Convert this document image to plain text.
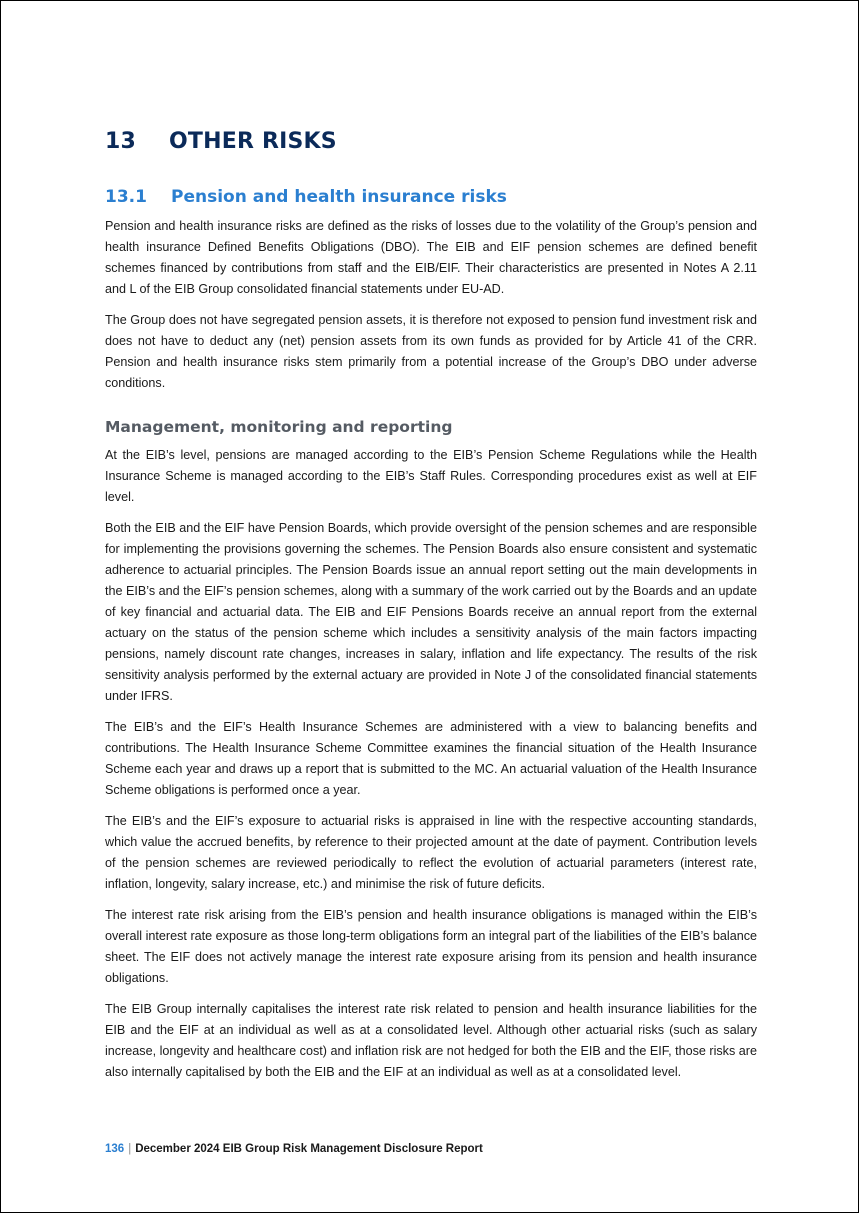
13	OTHER RISKS
13.1	Pension and health insurance risks

Pension and health insurance risks are defined as the risks of losses due to the volatility of the Group’s pension and health insurance Defined Benefits Obligations (DBO). The EIB and EIF pension schemes are defined benefit schemes financed by contributions from staff and the EIB/EIF. Their characteristics are presented in Notes A 2.11 and L of the EIB Group consolidated financial statements under EU-AD.

The Group does not have segregated pension assets, it is therefore not exposed to pension fund investment risk and does not have to deduct any (net) pension assets from its own funds as provided for by Article 41 of the CRR. Pension and health insurance risks stem primarily from a potential increase of the Group’s DBO under adverse conditions.

Management, monitoring and reporting

At the EIB’s level, pensions are managed according to the EIB’s Pension Scheme Regulations while the Health Insurance Scheme is managed according to the EIB’s Staff Rules. Corresponding procedures exist as well at EIF level.

Both the EIB and the EIF have Pension Boards, which provide oversight of the pension schemes and are responsible for implementing the provisions governing the schemes. The Pension Boards also ensure consistent and systematic adherence to actuarial principles. The Pension Boards issue an annual report setting out the main developments in the EIB’s and the EIF’s pension schemes, along with a summary of the work carried out by the Boards and an update of key financial and actuarial data. The EIB and EIF Pensions Boards receive an annual report from the external actuary on the status of the pension scheme which includes a sensitivity analysis of the main factors impacting pensions, namely discount rate changes, increases in salary, inflation and life expectancy. The results of the risk sensitivity analysis performed by the external actuary are provided in Note J of the consolidated financial statements under IFRS.

The EIB’s and the EIF’s Health Insurance Schemes are administered with a view to balancing benefits and contributions. The Health Insurance Scheme Committee examines the financial situation of the Health Insurance Scheme each year and draws up a report that is submitted to the MC. An actuarial valuation of the Health Insurance Scheme obligations is performed once a year.

The EIB’s and the EIF’s exposure to actuarial risks is appraised in line with the respective accounting standards, which value the accrued benefits, by reference to their projected amount at the date of payment. Contribution levels of the pension schemes are reviewed periodically to reflect the evolution of actuarial parameters (interest rate, inflation, longevity, salary increase, etc.) and minimise the risk of future deficits.

The interest rate risk arising from the EIB’s pension and health insurance obligations is managed within the EIB’s overall interest rate exposure as those long-term obligations form an integral part of the liabilities of the EIB’s balance sheet. The EIF does not actively manage the interest rate exposure arising from its pension and health insurance obligations.

The EIB Group internally capitalises the interest rate risk related to pension and health insurance liabilities for the EIB and the EIF at an individual as well as at a consolidated level. Although other actuarial risks (such as salary increase, longevity and healthcare cost) and inflation risk are not hedged for both the EIB and the EIF, those risks are also internally capitalised by both the EIB and the EIF at an individual as well as at a consolidated level.

136 | December 2024 EIB Group Risk Management Disclosure Report
